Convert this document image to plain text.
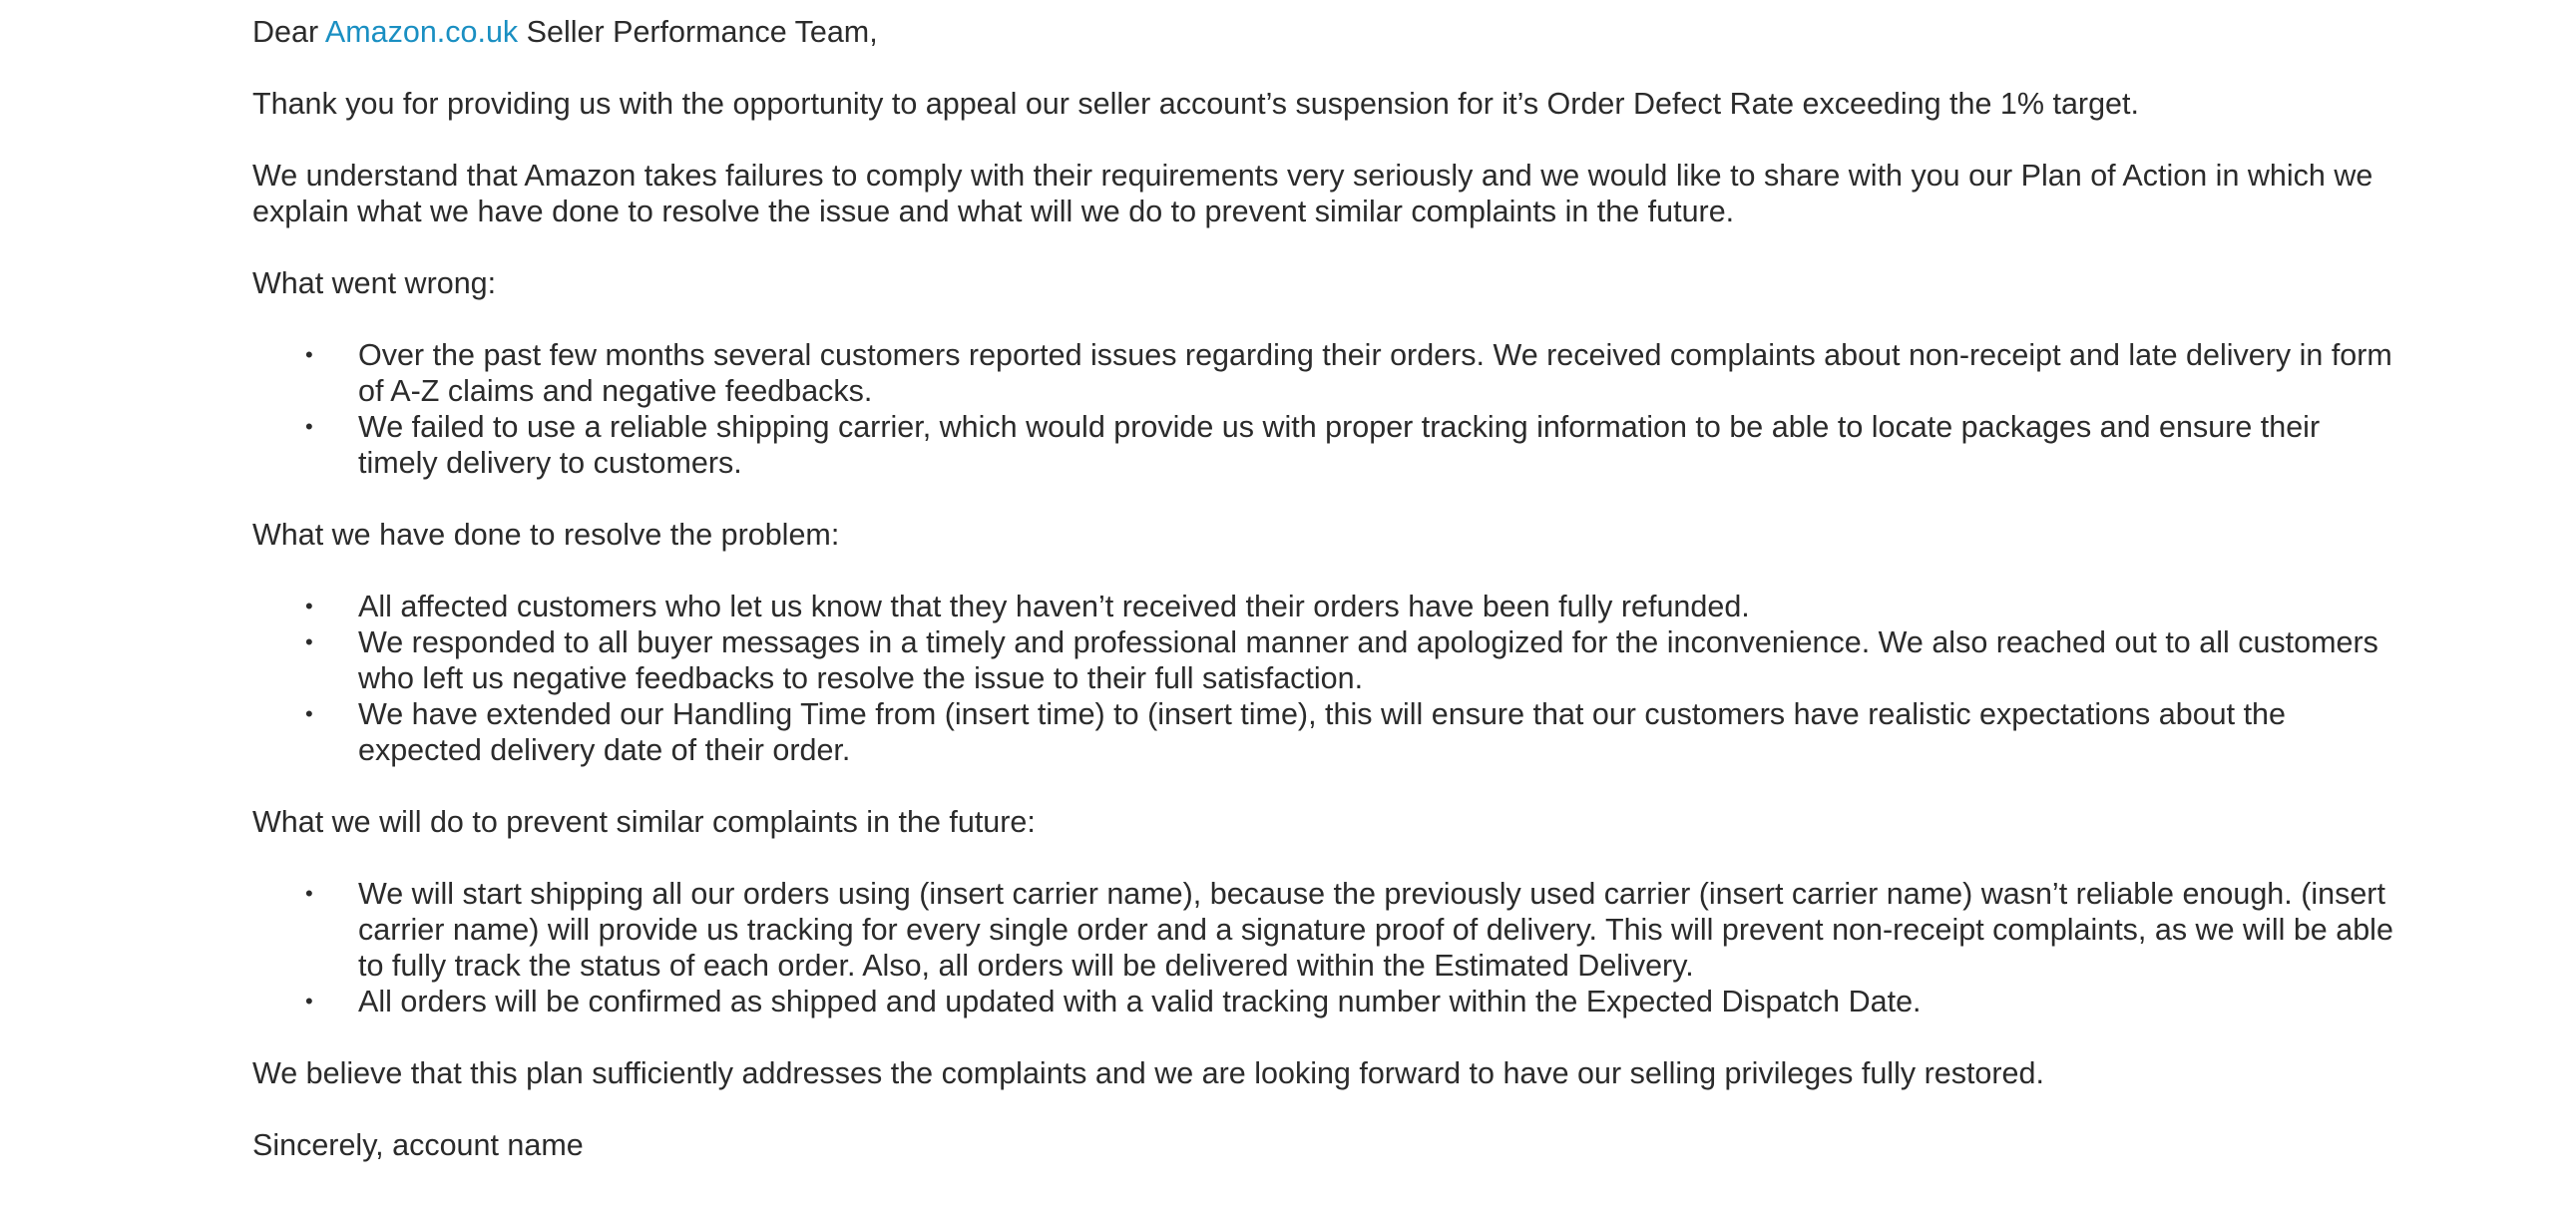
Dear Amazon.co.uk Seller Performance Team,

Thank you for providing us with the opportunity to appeal our seller account’s suspension for it’s Order Defect Rate exceeding the 1% target.

We understand that Amazon takes failures to comply with their requirements very seriously and we would like to share with you our Plan of Action in which we explain what we have done to resolve the issue and what will we do to prevent similar complaints in the future.

What went wrong:

• Over the past few months several customers reported issues regarding their orders. We received complaints about non-receipt and late delivery in form of A-Z claims and negative feedbacks.
• We failed to use a reliable shipping carrier, which would provide us with proper tracking information to be able to locate packages and ensure their timely delivery to customers.

What we have done to resolve the problem:

• All affected customers who let us know that they haven’t received their orders have been fully refunded.
• We responded to all buyer messages in a timely and professional manner and apologized for the inconvenience. We also reached out to all customers who left us negative feedbacks to resolve the issue to their full satisfaction.
• We have extended our Handling Time from (insert time) to (insert time), this will ensure that our customers have realistic expectations about the expected delivery date of their order.

What we will do to prevent similar complaints in the future:

• We will start shipping all our orders using (insert carrier name), because the previously used carrier (insert carrier name) wasn’t reliable enough. (insert carrier name) will provide us tracking for every single order and a signature proof of delivery. This will prevent non-receipt complaints, as we will be able to fully track the status of each order. Also, all orders will be delivered within the Estimated Delivery.
• All orders will be confirmed as shipped and updated with a valid tracking number within the Expected Dispatch Date.

We believe that this plan sufficiently addresses the complaints and we are looking forward to have our selling privileges fully restored.

Sincerely, account name
